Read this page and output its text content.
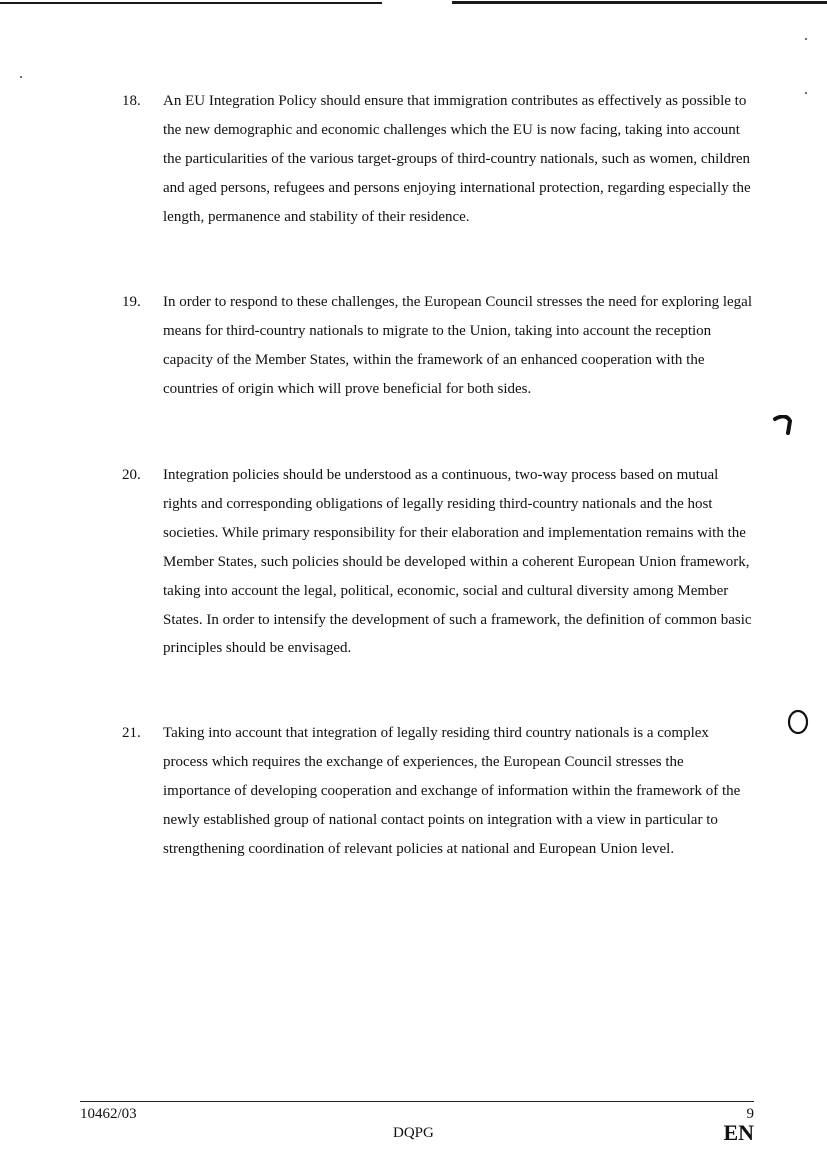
18.	An EU Integration Policy should ensure that immigration contributes as effectively as possible to the new demographic and economic challenges which the EU is now facing, taking into account the particularities of the various target-groups of third-country nationals, such as women, children and aged persons, refugees and persons enjoying international protection, regarding especially the length, permanence and stability of their residence.
19.	In order to respond to these challenges, the European Council stresses the need for exploring legal means for third-country nationals to migrate to the Union, taking into account the reception capacity of the Member States, within the framework of an enhanced cooperation with the countries of origin which will prove beneficial for both sides.
20.	Integration policies should be understood as a continuous, two-way process based on mutual rights and corresponding obligations of legally residing third-country nationals and the host societies. While primary responsibility for their elaboration and implementation remains with the Member States, such policies should be developed within a coherent European Union framework, taking into account the legal, political, economic, social and cultural diversity among Member States. In order to intensify the development of such a framework, the definition of common basic principles should be envisaged.
21.	Taking into account that integration of legally residing third country nationals is a complex process which requires the exchange of experiences, the European Council stresses the importance of developing cooperation and exchange of information within the framework of the newly established group of national contact points on integration with a view in particular to strengthening coordination of relevant policies at national and European Union level.
10462/03
DQPG
9
EN
